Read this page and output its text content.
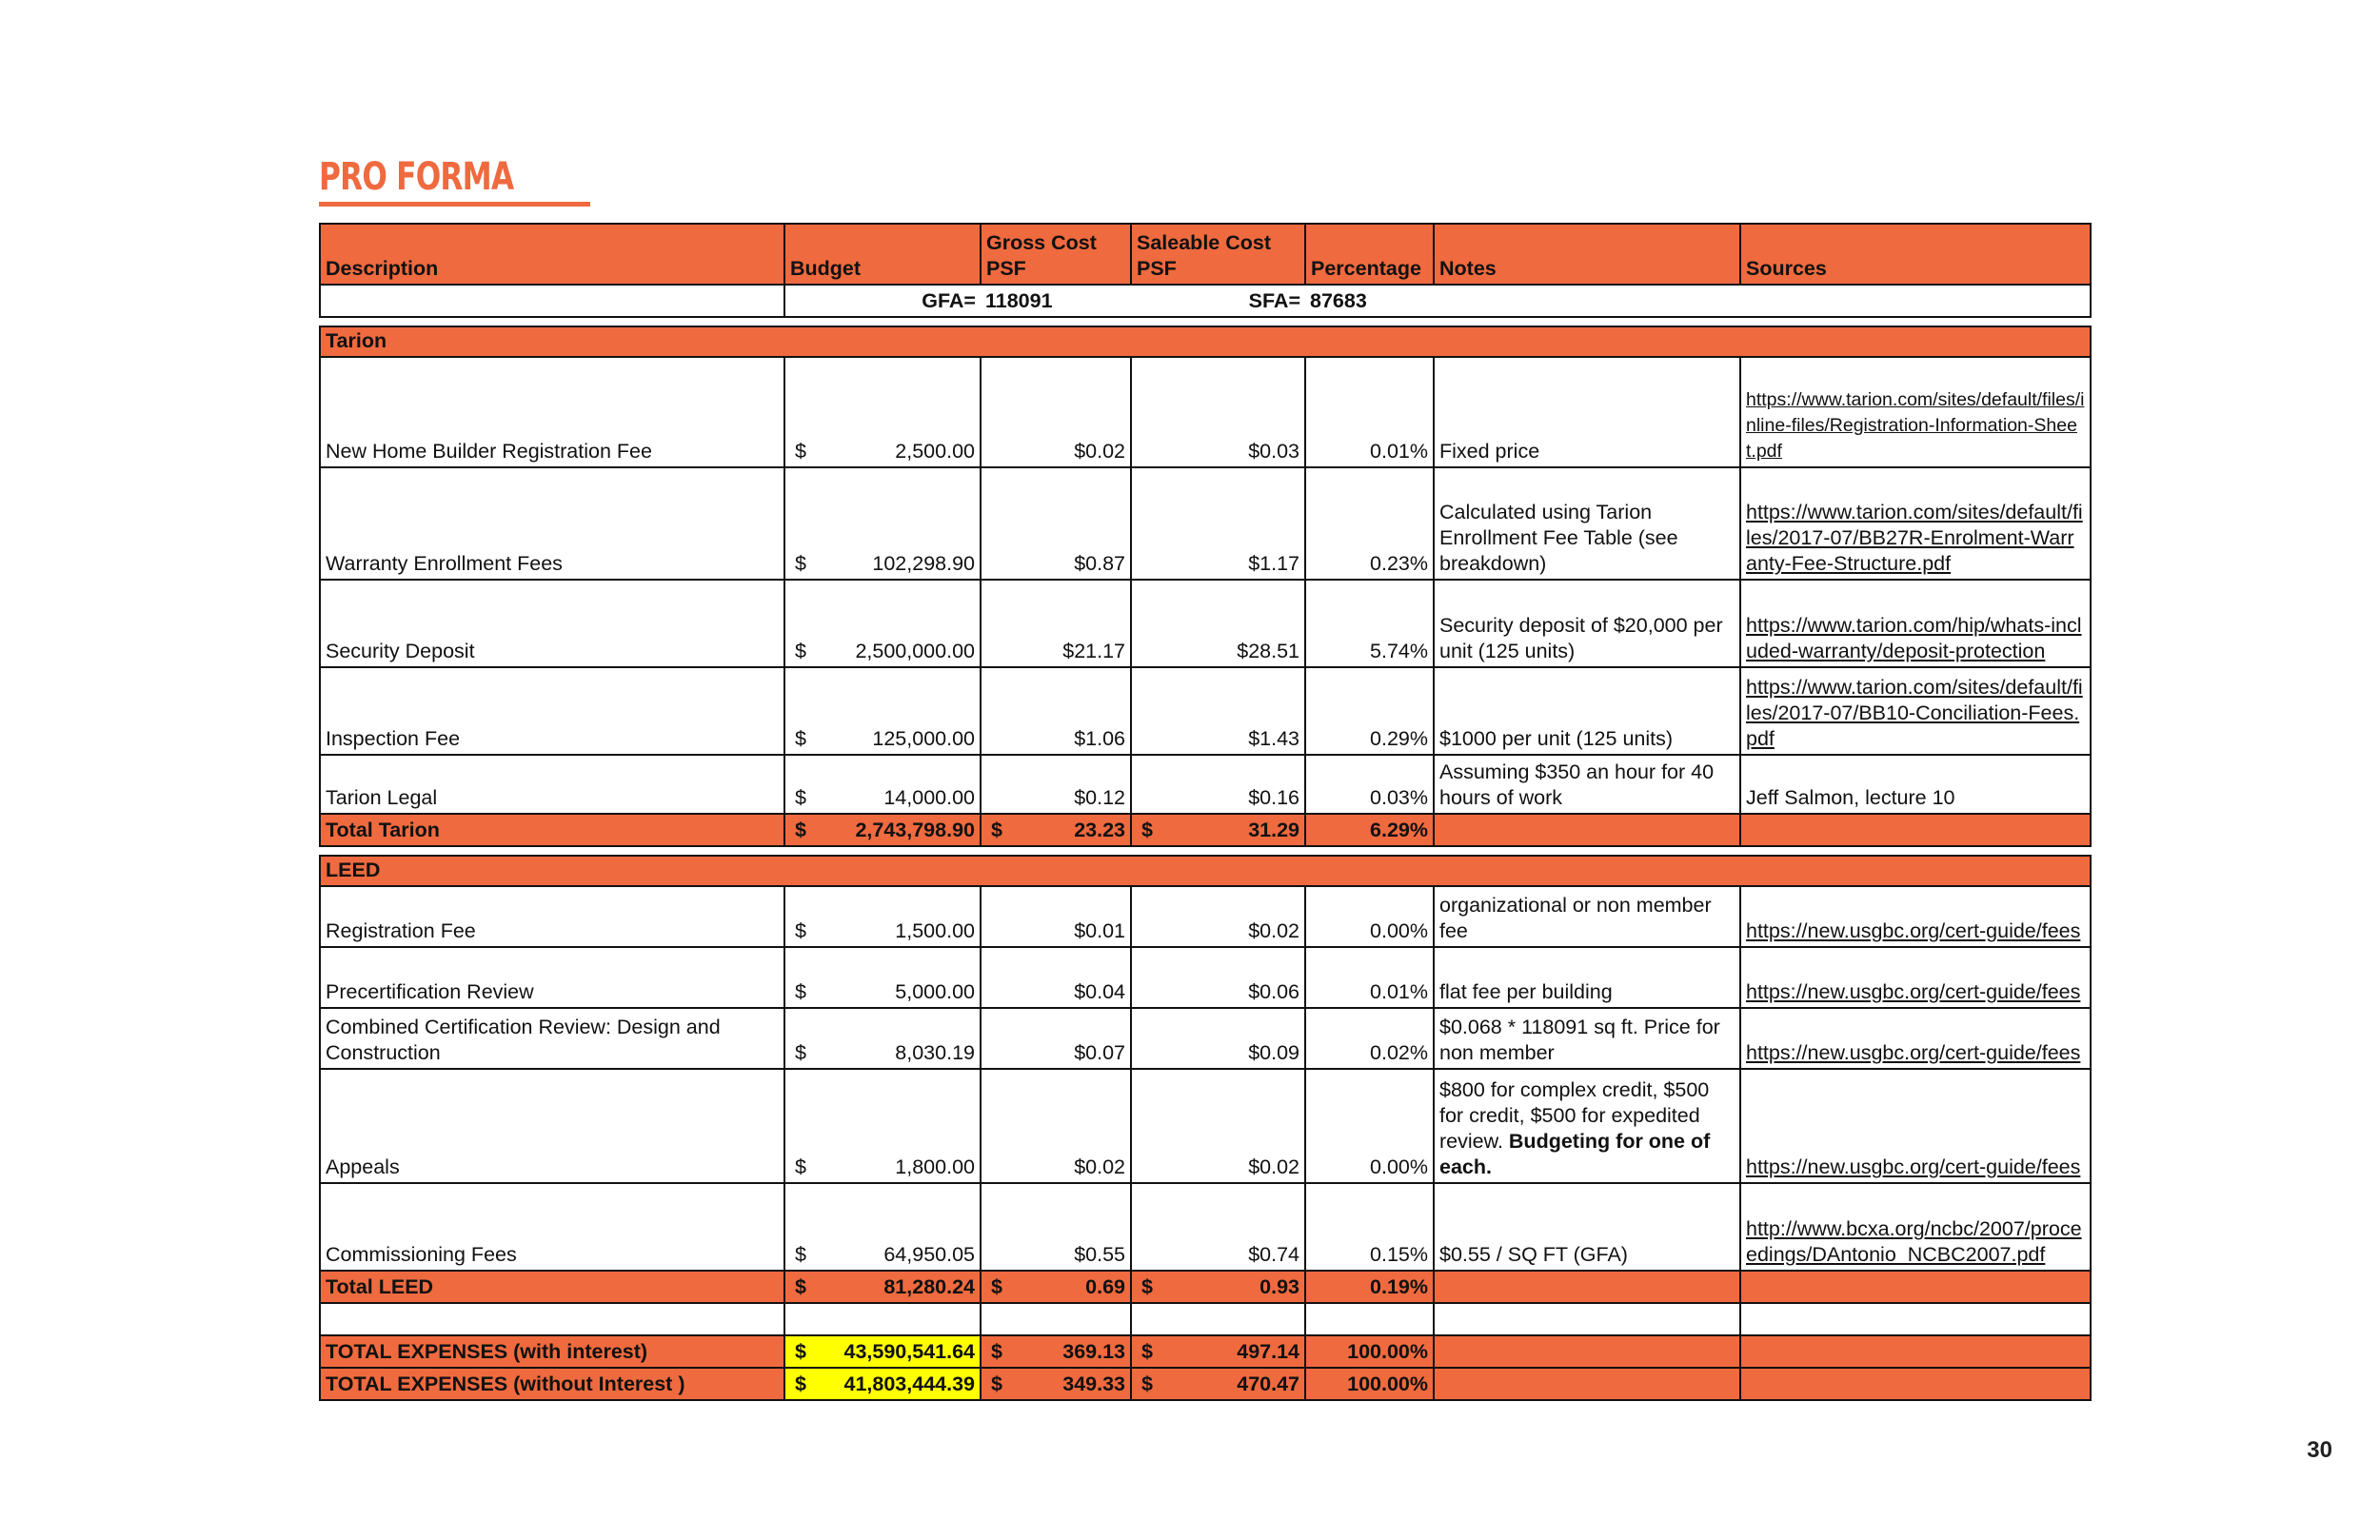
PRO FORMA
Description	Budget	Gross Cost PSF	Saleable Cost PSF	Percentage	Notes	Sources
	GFA=	118091	SFA=	87683		

Tarion						
New Home Builder Registration Fee	$ 2,500.00	$0.02	$0.03	0.01%	Fixed price	https://www.tarion.com/sites/default/files/inline-files/Registration-Information-Sheet.pdf
Warranty Enrollment Fees	$ 102,298.90	$0.87	$1.17	0.23%	Calculated using Tarion Enrollment Fee Table (see breakdown)	https://www.tarion.com/sites/default/files/2017-07/BB27R-Enrolment-Warranty-Fee-Structure.pdf
Security Deposit	$ 2,500,000.00	$21.17	$28.51	5.74%	Security deposit of $20,000 per unit (125 units)	https://www.tarion.com/hip/whats-included-warranty/deposit-protection
Inspection Fee	$ 125,000.00	$1.06	$1.43	0.29%	$1000 per unit (125 units)	https://www.tarion.com/sites/default/files/2017-07/BB10-Conciliation-Fees.pdf
Tarion Legal	$ 14,000.00	$0.12	$0.16	0.03%	Assuming $350 an hour for 40 hours of work	Jeff Salmon, lecture 10
Total Tarion	$ 2,743,798.90	$ 23.23	$ 31.29	6.29%		

LEED						
Registration Fee	$ 1,500.00	$0.01	$0.02	0.00%	organizational or non member fee	https://new.usgbc.org/cert-guide/fees
Precertification Review	$ 5,000.00	$0.04	$0.06	0.01%	flat fee per building	https://new.usgbc.org/cert-guide/fees
Combined Certification Review: Design and Construction	$ 8,030.19	$0.07	$0.09	0.02%	$0.068 * 118091 sq ft. Price for non member	https://new.usgbc.org/cert-guide/fees
Appeals	$ 1,800.00	$0.02	$0.02	0.00%	$800 for complex credit, $500 for credit, $500 for expedited review. Budgeting for one of each.	https://new.usgbc.org/cert-guide/fees
Commissioning Fees	$ 64,950.05	$0.55	$0.74	0.15%	$0.55 / SQ FT (GFA)	http://www.bcxa.org/ncbc/2007/proceedings/DAntonio_NCBC2007.pdf
Total LEED	$ 81,280.24	$ 0.69	$ 0.93	0.19%		

TOTAL EXPENSES (with interest)	$ 43,590,541.64	$ 369.13	$ 497.14	100.00%		
TOTAL EXPENSES (without Interest )	$ 41,803,444.39	$ 349.33	$ 470.47	100.00%		
30
